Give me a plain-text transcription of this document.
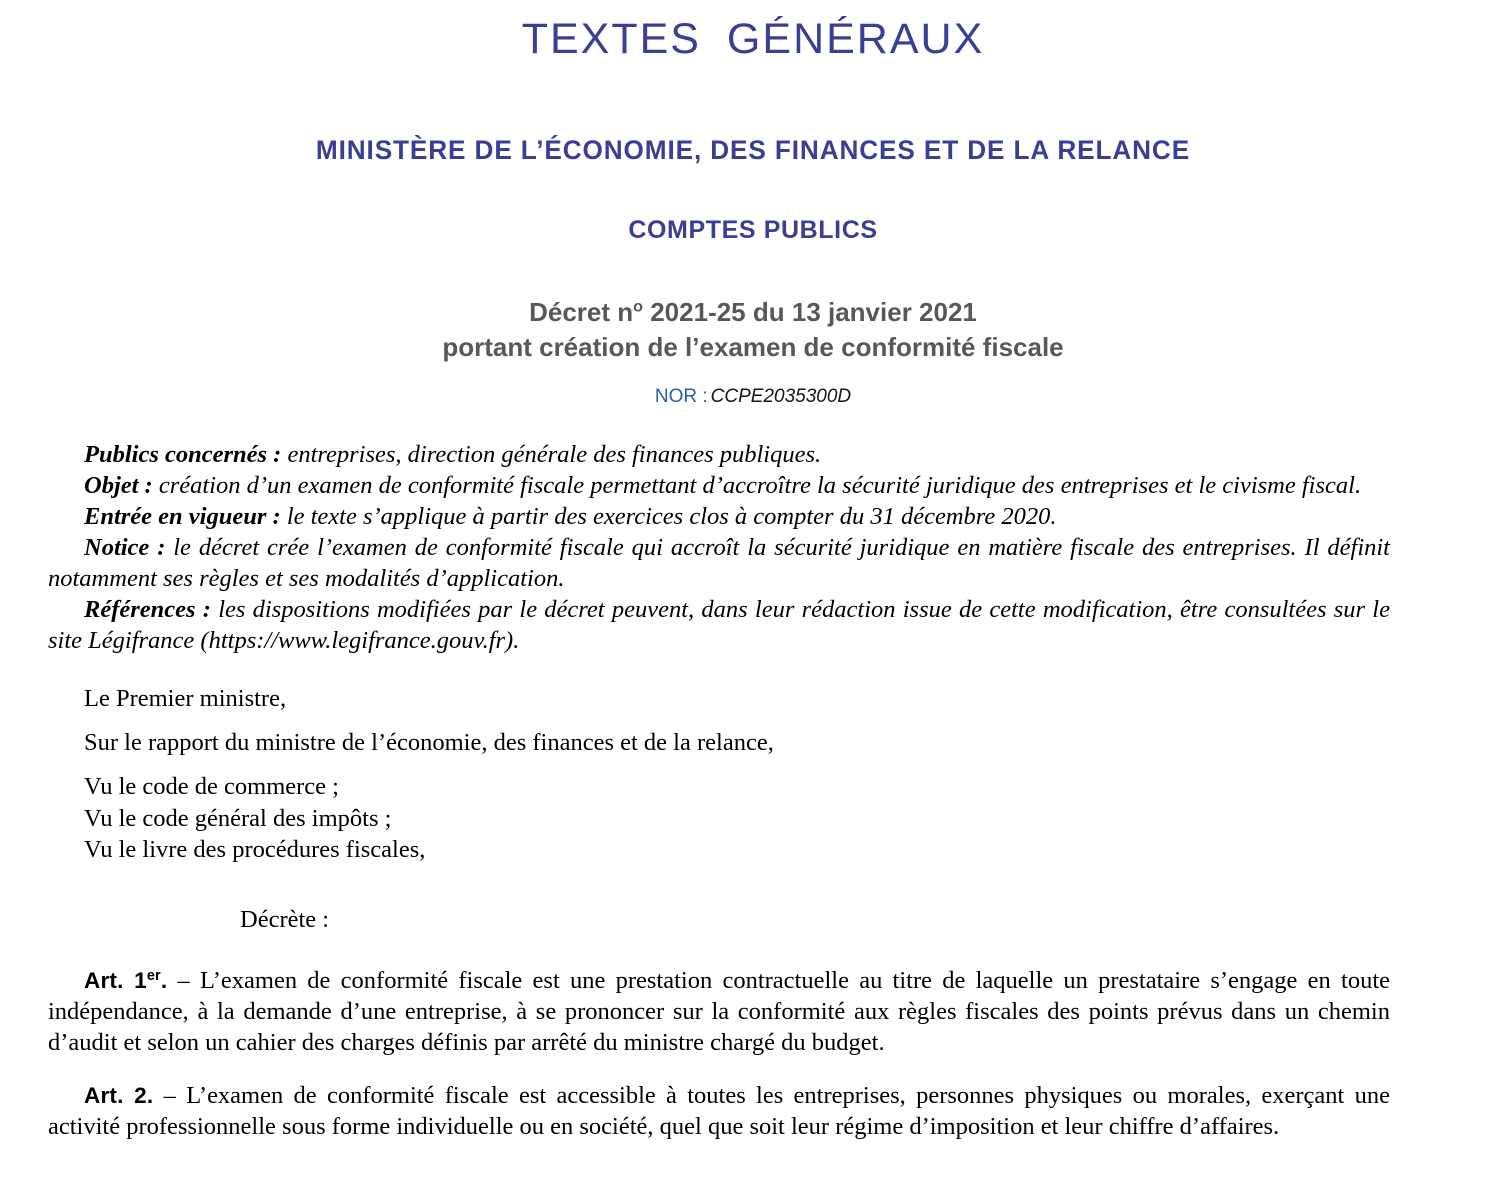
TEXTES GÉNÉRAUX
MINISTÈRE DE L’ÉCONOMIE, DES FINANCES ET DE LA RELANCE
COMPTES PUBLICS
Décret $n^o$ 2021-25 du 13 janvier 2021
portant création de l’examen de conformité fiscale
NOR : CCPE2035300D

Publics concernés : entreprises, direction générale des finances publiques.

Objet : création d’un examen de conformité fiscale permettant d’accroître la sécurité juridique des entreprises et le civisme fiscal.

Entrée en vigueur : le texte s’applique à partir des exercices clos à compter du 31 décembre 2020.

Notice : le décret crée l’examen de conformité fiscale qui accroît la sécurité juridique en matière fiscale des entreprises. Il définit notamment ses règles et ses modalités d’application.

Références : les dispositions modifiées par le décret peuvent, dans leur rédaction issue de cette modification, être consultées sur le site Légifrance (https://www.legifrance.gouv.fr).

Le Premier ministre,

Sur le rapport du ministre de l’économie, des finances et de la relance,

Vu le code de commerce ;

Vu le code général des impôts ;

Vu le livre des procédures fiscales,

Décrète :

Art. 1er. – L’examen de conformité fiscale est une prestation contractuelle au titre de laquelle un prestataire s’engage en toute indépendance, à la demande d’une entreprise, à se prononcer sur la conformité aux règles fiscales des points prévus dans un chemin d’audit et selon un cahier des charges définis par arrêté du ministre chargé du budget.

Art. 2. – L’examen de conformité fiscale est accessible à toutes les entreprises, personnes physiques ou morales, exerçant une activité professionnelle sous forme individuelle ou en société, quel que soit leur régime d’imposition et leur chiffre d’affaires.
